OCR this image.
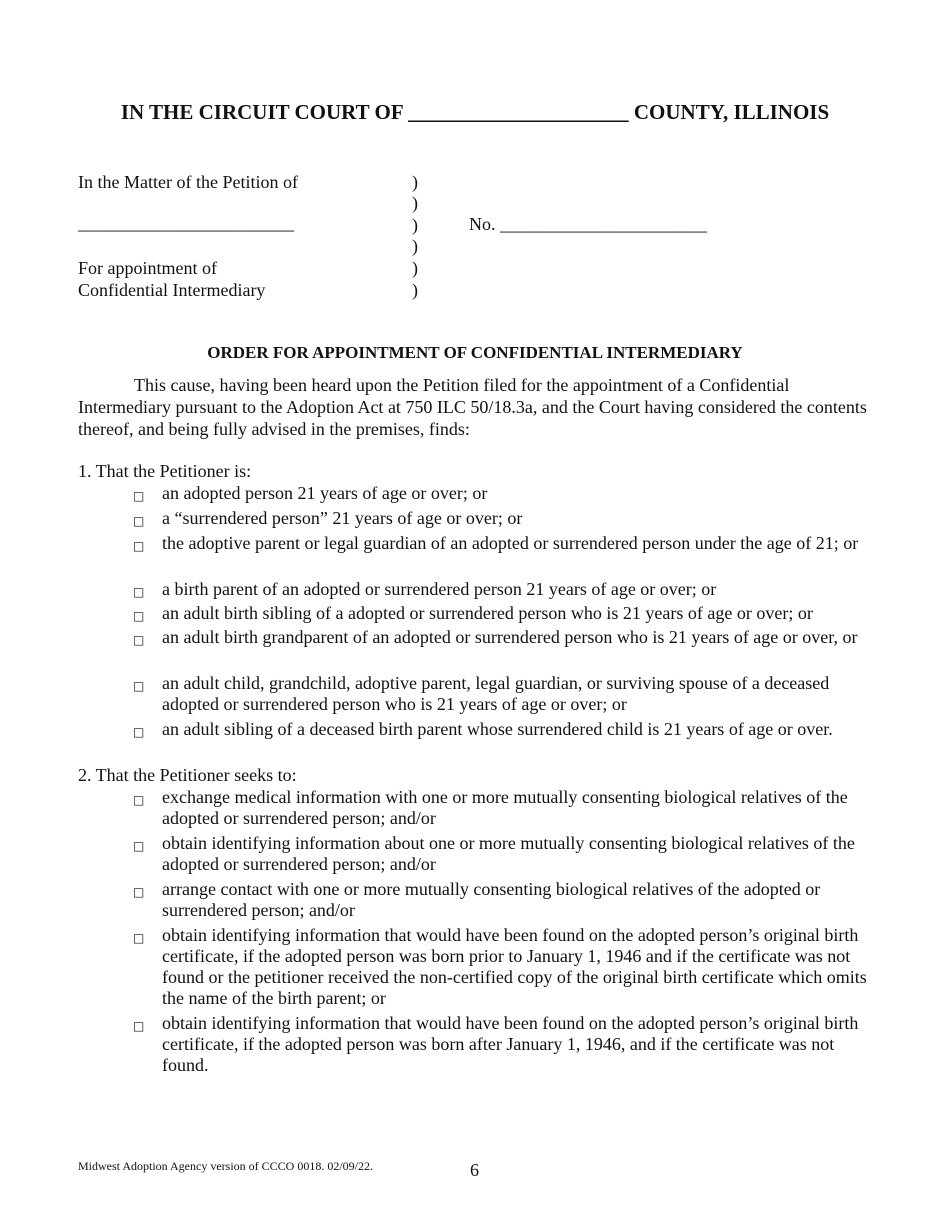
IN THE CIRCUIT COURT OF _____________________ COUNTY, ILLINOIS
In the Matter of the Petition of
________________________
For appointment of
Confidential Intermediary
)
)
)
)
)
)
No. _______________________
ORDER FOR APPOINTMENT OF CONFIDENTIAL INTERMEDIARY

This cause, having been heard upon the Petition filed for the appointment of a Confidential Intermediary pursuant to the Adoption Act at 750 ILC 50/18.3a, and the Court having considered the contents thereof, and being fully advised in the premises, finds:

1. That the Petitioner is:
□ an adopted person 21 years of age or over; or
□ a “surrendered person” 21 years of age or over; or
□ the adoptive parent or legal guardian of an adopted or surrendered person under the age of 21; or
□ a birth parent of an adopted or surrendered person 21 years of age or over; or
□ an adult birth sibling of a adopted or surrendered person who is 21 years of age or over; or
□ an adult birth grandparent of an adopted or surrendered person who is 21 years of age or over, or
□ an adult child, grandchild, adoptive parent, legal guardian, or surviving spouse of a deceased adopted or surrendered person who is 21 years of age or over; or
□ an adult sibling of a deceased birth parent whose surrendered child is 21 years of age or over.
2. That the Petitioner seeks to:
□ exchange medical information with one or more mutually consenting biological relatives of the adopted or surrendered person; and/or
□ obtain identifying information about one or more mutually consenting biological relatives of the adopted or surrendered person; and/or
□ arrange contact with one or more mutually consenting biological relatives of the adopted or surrendered person; and/or
□ obtain identifying information that would have been found on the adopted person’s original birth certificate, if the adopted person was born prior to January 1, 1946 and if the certificate was not found or the petitioner received the non-certified copy of the original birth certificate which omits the name of the birth parent; or
□ obtain identifying information that would have been found on the adopted person’s original birth certificate, if the adopted person was born after January 1, 1946, and if the certificate was not found.
Midwest Adoption Agency version of CCCO 0018. 02/09/22.	6
